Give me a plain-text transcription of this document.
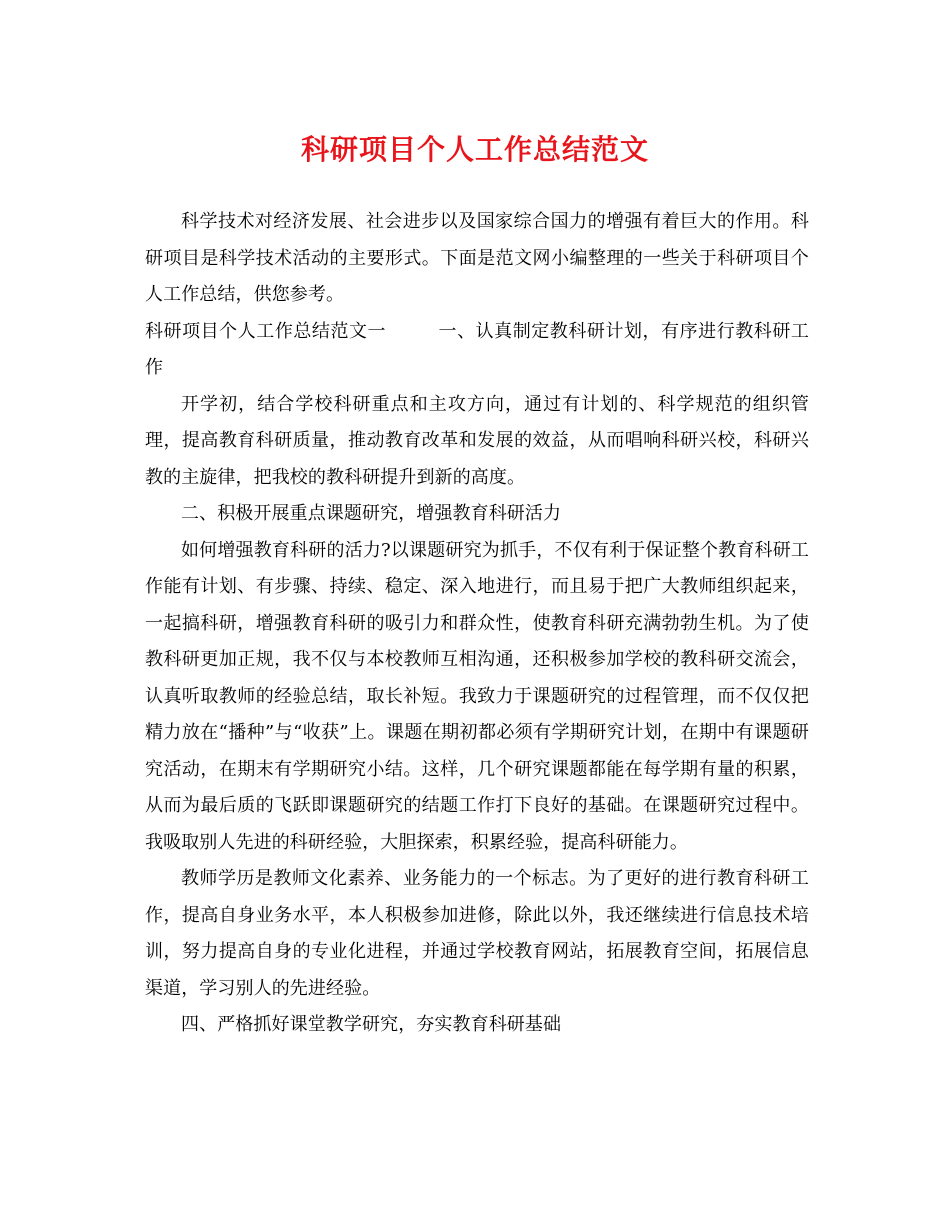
科研项目个人工作总结范文

科学技术对经济发展、社会进步以及国家综合国力的增强有着巨大的作用。科研项目是科学技术活动的主要形式。下面是范文网小编整理的一些关于科研项目个人工作总结，供您参考。

科研项目个人工作总结范文一	一、认真制定教科研计划，有序进行教科研工作

开学初，结合学校科研重点和主攻方向，通过有计划的、科学规范的组织管理，提高教育科研质量，推动教育改革和发展的效益，从而唱响科研兴校，科研兴教的主旋律，把我校的教科研提升到新的高度。

二、积极开展重点课题研究，增强教育科研活力

如何增强教育科研的活力?以课题研究为抓手，不仅有利于保证整个教育科研工作能有计划、有步骤、持续、稳定、深入地进行，而且易于把广大教师组织起来，一起搞科研，增强教育科研的吸引力和群众性，使教育科研充满勃勃生机。为了使教科研更加正规，我不仅与本校教师互相沟通，还积极参加学校的教科研交流会，认真听取教师的经验总结，取长补短。我致力于课题研究的过程管理，而不仅仅把精力放在“播种”与“收获”上。课题在期初都必须有学期研究计划，在期中有课题研究活动，在期末有学期研究小结。这样，几个研究课题都能在每学期有量的积累，从而为最后质的飞跃即课题研究的结题工作打下良好的基础。在课题研究过程中。我吸取别人先进的科研经验，大胆探索，积累经验，提高科研能力。

教师学历是教师文化素养、业务能力的一个标志。为了更好的进行教育科研工作，提高自身业务水平，本人积极参加进修，除此以外，我还继续进行信息技术培训，努力提高自身的专业化进程，并通过学校教育网站，拓展教育空间，拓展信息渠道，学习别人的先进经验。

四、严格抓好课堂教学研究，夯实教育科研基础
